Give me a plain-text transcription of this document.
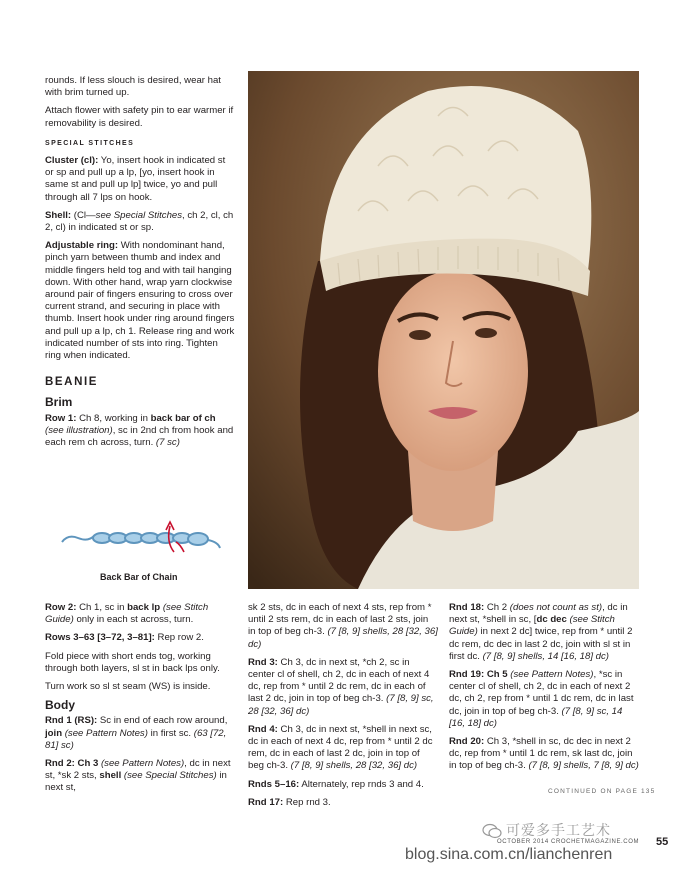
rounds. If less slouch is desired, wear hat with brim turned up.

Attach flower with safety pin to ear warmer if removability is desired.

SPECIAL STITCHES

Cluster (cl): Yo, insert hook in indicated st or sp and pull up a lp, [yo, insert hook in same st and pull up lp] twice, yo and pull through all 7 lps on hook.

Shell: (Cl—see Special Stitches, ch 2, cl, ch 2, cl) in indicated st or sp.

Adjustable ring: With nondominant hand, pinch yarn between thumb and index and middle fingers held tog and with tail hanging down. With other hand, wrap yarn clockwise around pair of fingers ensuring to cross over current strand, and securing in place with thumb. Insert hook under ring around fingers and pull up a lp, ch 1. Release ring and work indicated number of sts into ring. Tighten ring when indicated.

BEANIE
Brim

Row 1: Ch 8, working in back bar of ch (see illustration), sc in 2nd ch from hook and each rem ch across, turn. (7 sc)

Back Bar of Chain

Row 2: Ch 1, sc in back lp (see Stitch Guide) only in each st across, turn.

Rows 3–63 [3–72, 3–81]: Rep row 2.

Fold piece with short ends tog, working through both layers, sl st in back lps only.

Turn work so sl st seam (WS) is inside.

Body

Rnd 1 (RS): Sc in end of each row around, join (see Pattern Notes) in first sc. (63 [72, 81] sc)

Rnd 2: Ch 3 (see Pattern Notes), dc in next st, *sk 2 sts, shell (see Special Stitches) in next st,

sk 2 sts, dc in each of next 4 sts, rep from * until 2 sts rem, dc in each of last 2 sts, join in top of beg ch-3. (7 [8, 9] shells, 28 [32, 36] dc)

Rnd 3: Ch 3, dc in next st, *ch 2, sc in center cl of shell, ch 2, dc in each of next 4 dc, rep from * until 2 dc rem, dc in each of last 2 dc, join in top of beg ch-3. (7 [8, 9] sc, 28 [32, 36] dc)

Rnd 4: Ch 3, dc in next st, *shell in next sc, dc in each of next 4 dc, rep from * until 2 dc rem, dc in each of last 2 dc, join in top of beg ch-3. (7 [8, 9] shells, 28 [32, 36] dc)

Rnds 5–16: Alternately, rep rnds 3 and 4.

Rnd 17: Rep rnd 3.

Rnd 18: Ch 2 (does not count as st), dc in next st, *shell in sc, [dc dec (see Stitch Guide) in next 2 dc] twice, rep from * until 2 dc rem, dc dec in last 2 dc, join with sl st in first dc. (7 [8, 9] shells, 14 [16, 18] dc)

Rnd 19: Ch 5 (see Pattern Notes), *sc in center cl of shell, ch 2, dc in each of next 2 dc, ch 2, rep from * until 1 dc rem, dc in last dc, join in top of beg ch-3. (7 [8, 9] sc, 14 [16, 18] dc)

Rnd 20: Ch 3, *shell in sc, dc dec in next 2 dc, rep from * until 1 dc rem, sk last dc, join in top of beg ch-3. (7 [8, 9] shells, 7 [8, 9] dc)

CONTINUED ON PAGE 135
可爱多手工艺术
OCTOBER 2014 CROCHETMAGAZINE.COM 55
blog.sina.com.cn/lianchenren
